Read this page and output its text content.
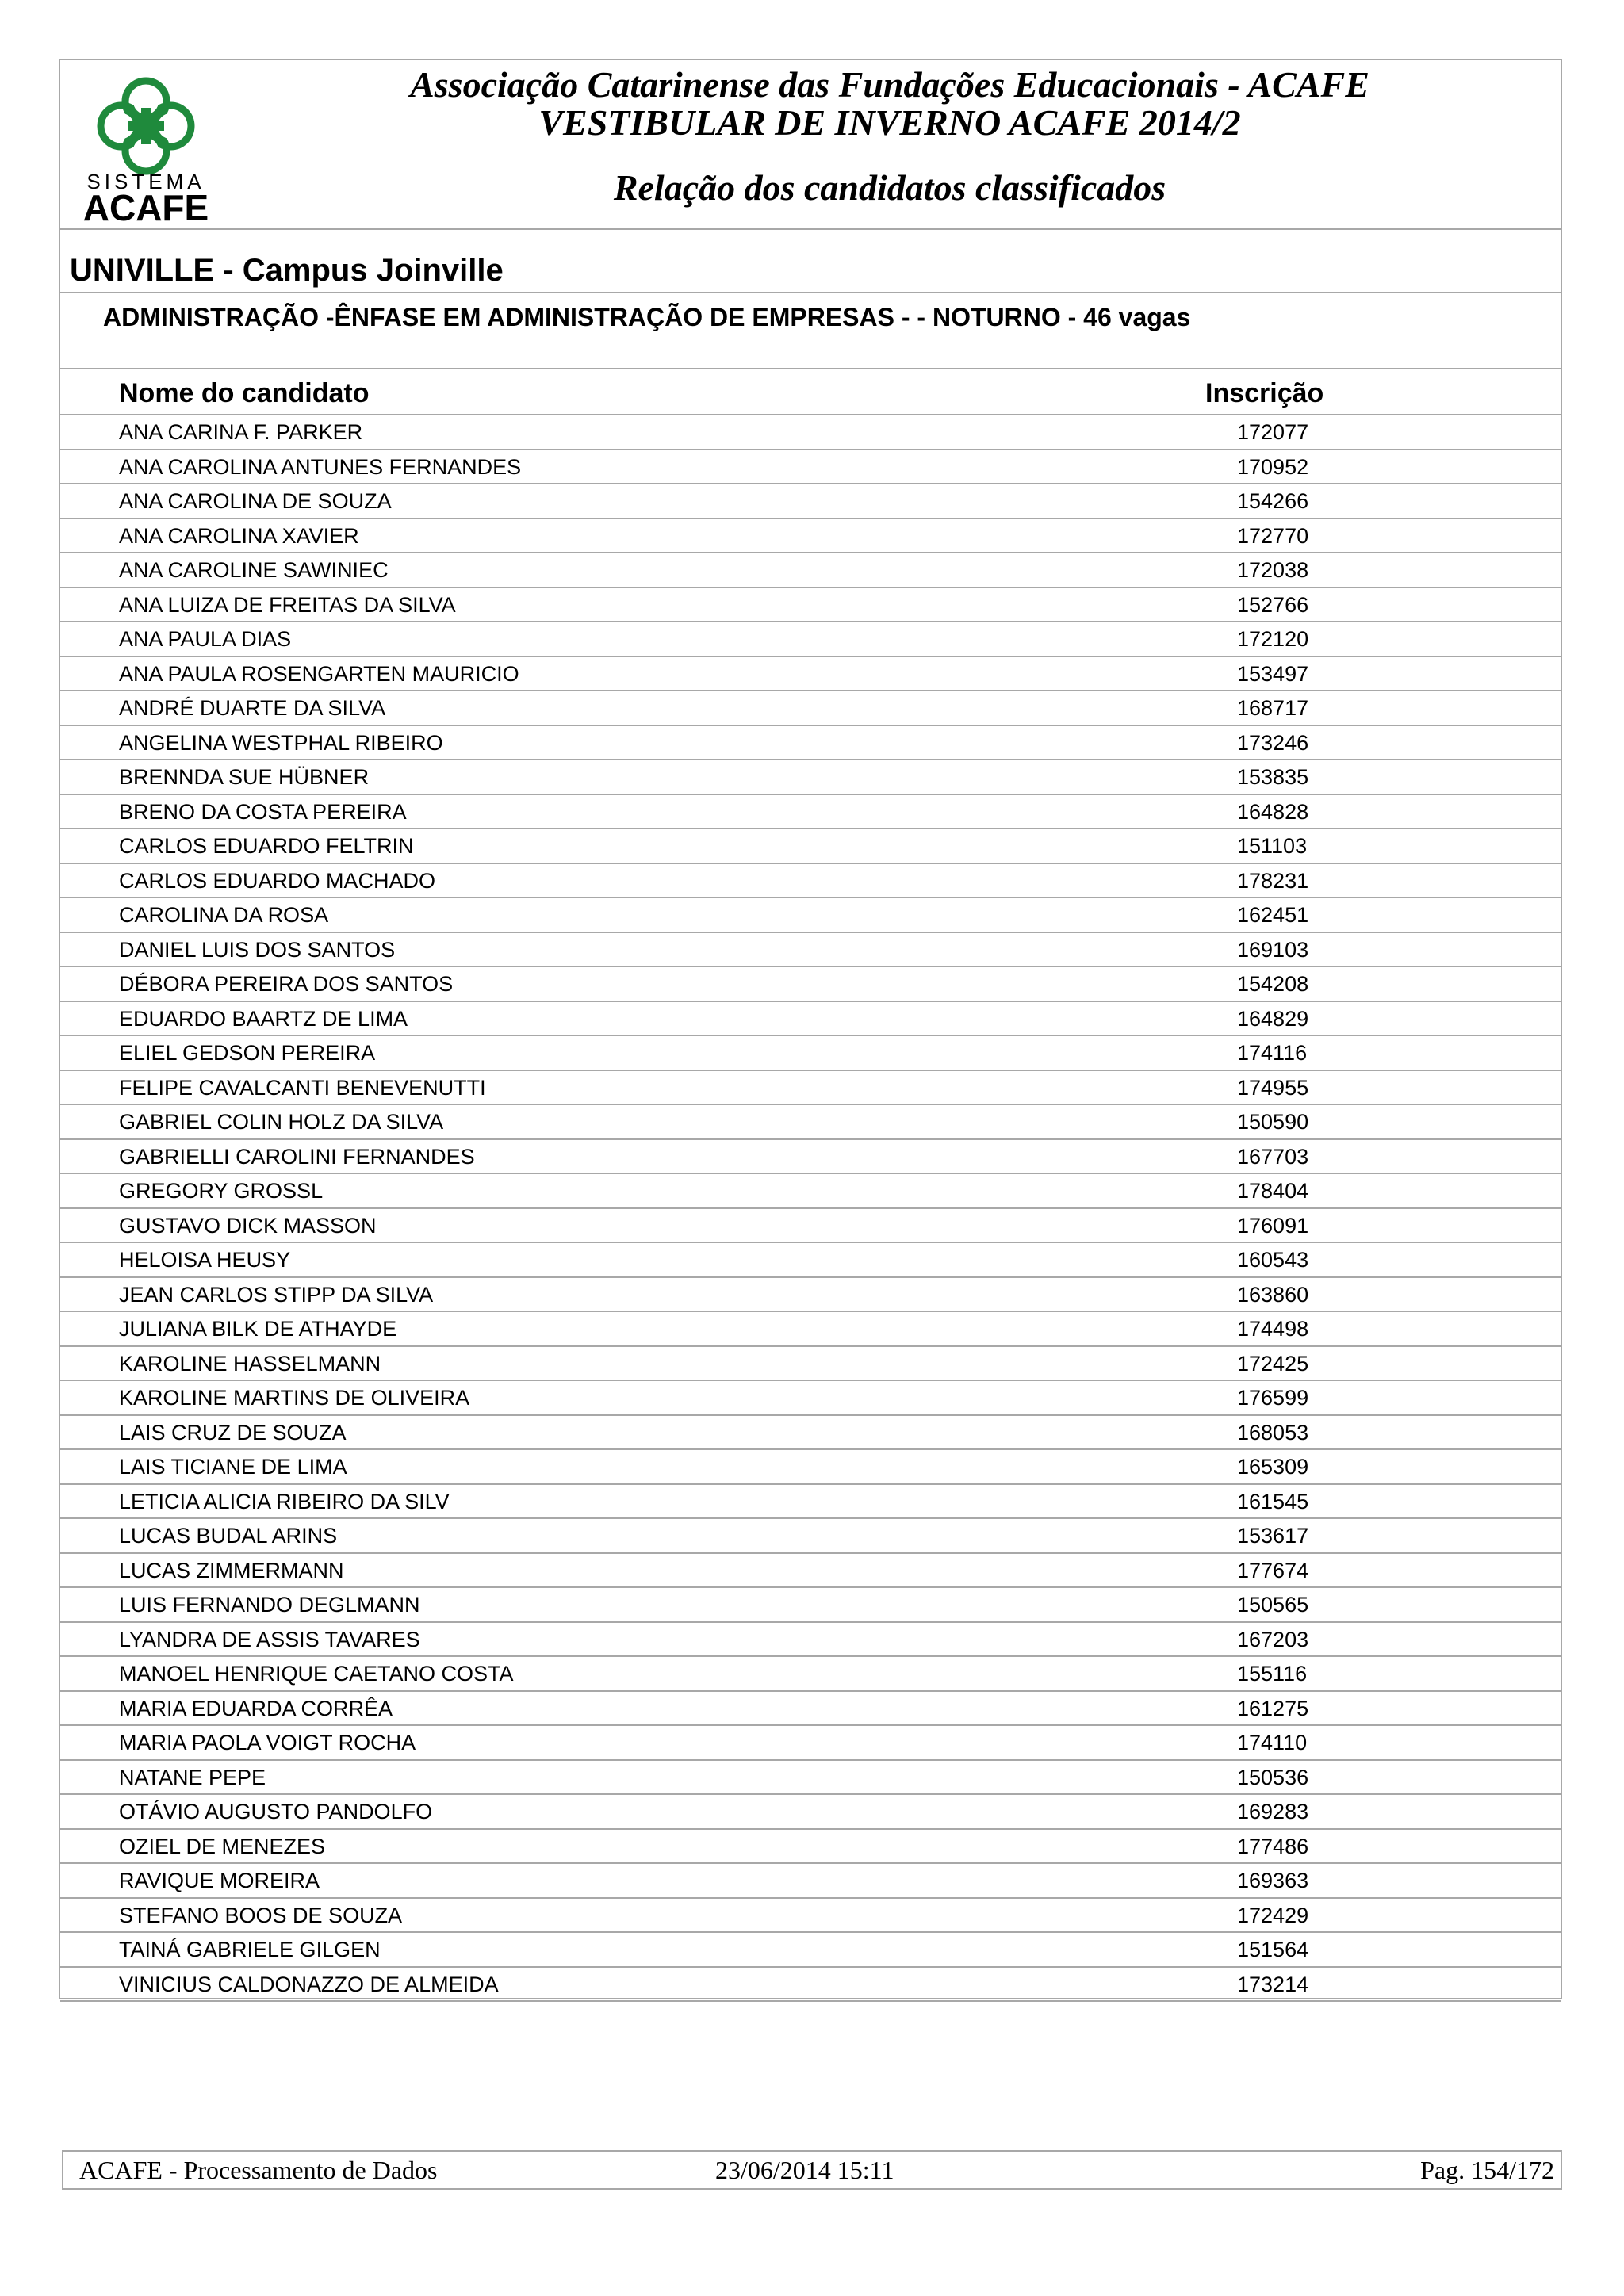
SISTEMA
ACAFE
Associação Catarinense das Fundações Educacionais - ACAFE
VESTIBULAR DE INVERNO ACAFE 2014/2
Relação dos candidatos classificados
UNIVILLE - Campus Joinville
ADMINISTRAÇÃO -ÊNFASE EM ADMINISTRAÇÃO DE EMPRESAS - - NOTURNO - 46 vagas
Nome do candidato	Inscrição
ANA CARINA F. PARKER	172077
ANA CAROLINA ANTUNES FERNANDES	170952
ANA CAROLINA DE SOUZA	154266
ANA CAROLINA XAVIER	172770
ANA CAROLINE SAWINIEC	172038
ANA LUIZA DE FREITAS DA SILVA	152766
ANA PAULA DIAS	172120
ANA PAULA ROSENGARTEN MAURICIO	153497
ANDRÉ DUARTE DA SILVA	168717
ANGELINA WESTPHAL RIBEIRO	173246
BRENNDA SUE HÜBNER	153835
BRENO DA COSTA PEREIRA	164828
CARLOS EDUARDO FELTRIN	151103
CARLOS EDUARDO MACHADO	178231
CAROLINA DA ROSA	162451
DANIEL LUIS DOS SANTOS	169103
DÉBORA PEREIRA DOS SANTOS	154208
EDUARDO BAARTZ DE LIMA	164829
ELIEL GEDSON PEREIRA	174116
FELIPE CAVALCANTI BENEVENUTTI	174955
GABRIEL COLIN HOLZ DA SILVA	150590
GABRIELLI CAROLINI FERNANDES	167703
GREGORY GROSSL	178404
GUSTAVO DICK MASSON	176091
HELOISA HEUSY	160543
JEAN CARLOS STIPP DA SILVA	163860
JULIANA BILK DE ATHAYDE	174498
KAROLINE HASSELMANN	172425
KAROLINE MARTINS DE OLIVEIRA	176599
LAIS CRUZ DE SOUZA	168053
LAIS TICIANE DE LIMA	165309
LETICIA ALICIA RIBEIRO DA SILV	161545
LUCAS BUDAL ARINS	153617
LUCAS ZIMMERMANN	177674
LUIS FERNANDO DEGLMANN	150565
LYANDRA DE ASSIS TAVARES	167203
MANOEL HENRIQUE CAETANO COSTA	155116
MARIA EDUARDA CORRÊA	161275
MARIA PAOLA VOIGT ROCHA	174110
NATANE PEPE	150536
OTÁVIO AUGUSTO PANDOLFO	169283
OZIEL DE MENEZES	177486
RAVIQUE MOREIRA	169363
STEFANO BOOS DE SOUZA	172429
TAINÁ GABRIELE GILGEN	151564
VINICIUS CALDONAZZO DE ALMEIDA	173214
ACAFE - Processamento de Dados	23/06/2014 15:11	Pag. 154/172
